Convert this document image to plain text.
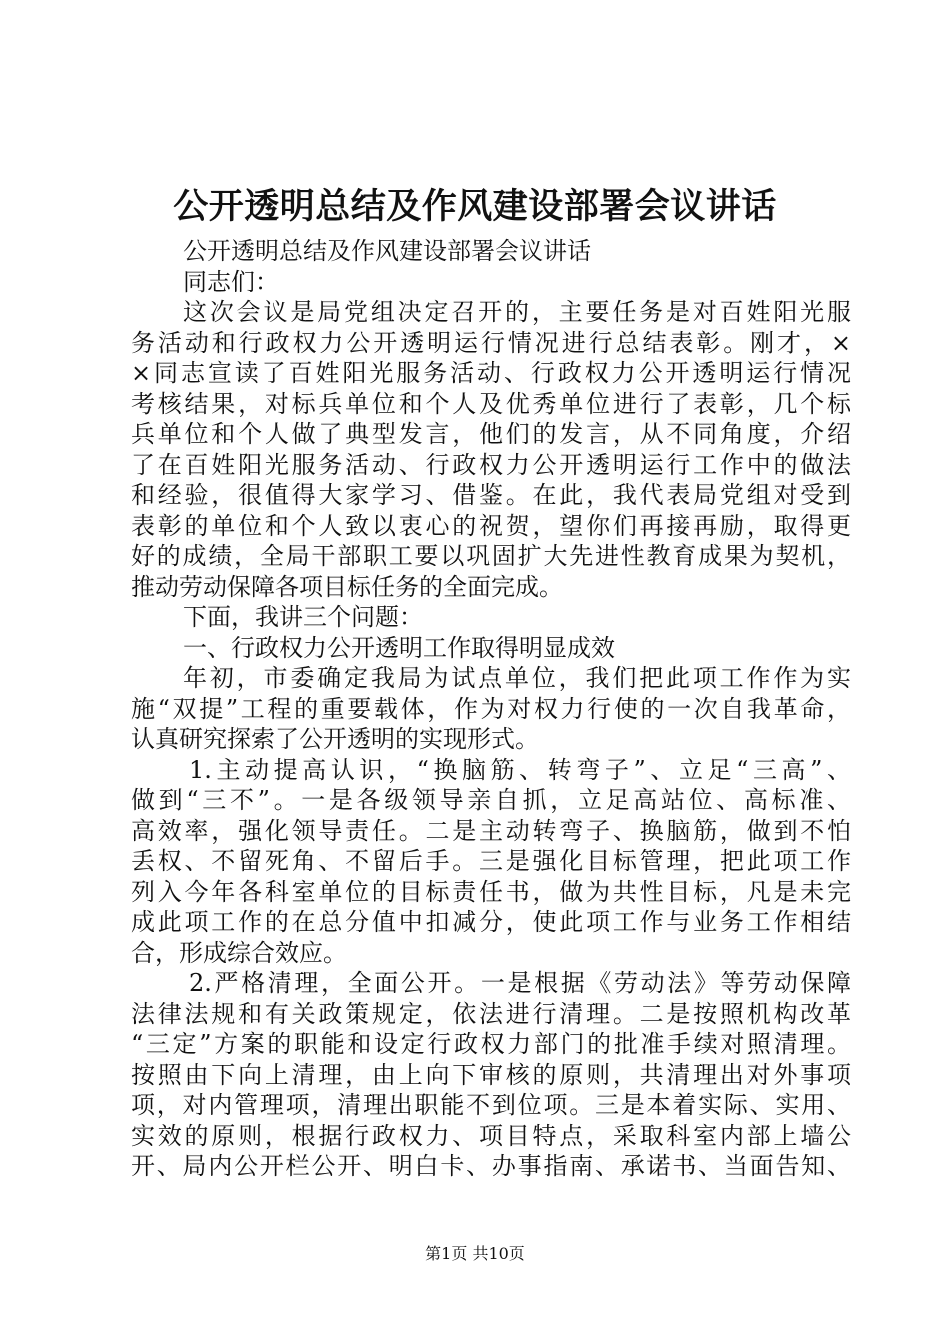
公开透明总结及作风建设部署会议讲话
公开透明总结及作风建设部署会议讲话
同志们：
这次会议是局党组决定召开的，主要任务是对百姓阳光服
务活动和行政权力公开透明运行情况进行总结表彰。刚才，×
×同志宣读了百姓阳光服务活动、行政权力公开透明运行情况
考核结果，对标兵单位和个人及优秀单位进行了表彰，几个标
兵单位和个人做了典型发言，他们的发言，从不同角度，介绍
了在百姓阳光服务活动、行政权力公开透明运行工作中的做法
和经验，很值得大家学习、借鉴。在此，我代表局党组对受到
表彰的单位和个人致以衷心的祝贺，望你们再接再励，取得更
好的成绩，全局干部职工要以巩固扩大先进性教育成果为契机，
推动劳动保障各项目标任务的全面完成。
下面，我讲三个问题：
一、行政权力公开透明工作取得明显成效
年初，市委确定我局为试点单位，我们把此项工作作为实
施“双提”工程的重要载体，作为对权力行使的一次自我革命，
认真研究探索了公开透明的实现形式。
1.主动提高认识，“换脑筋、转弯子”、立足“三高”、
做到“三不”。一是各级领导亲自抓，立足高站位、高标准、
高效率，强化领导责任。二是主动转弯子、换脑筋，做到不怕
丢权、不留死角、不留后手。三是强化目标管理，把此项工作
列入今年各科室单位的目标责任书，做为共性目标，凡是未完
成此项工作的在总分值中扣减分，使此项工作与业务工作相结
合，形成综合效应。
2.严格清理，全面公开。一是根据《劳动法》等劳动保障
法律法规和有关政策规定，依法进行清理。二是按照机构改革
“三定”方案的职能和设定行政权力部门的批准手续对照清理。
按照由下向上清理，由上向下审核的原则，共清理出对外事项
项，对内管理项，清理出职能不到位项。三是本着实际、实用、
实效的原则，根据行政权力、项目特点，采取科室内部上墙公
开、局内公开栏公开、明白卡、办事指南、承诺书、当面告知、
第1页 共10页
